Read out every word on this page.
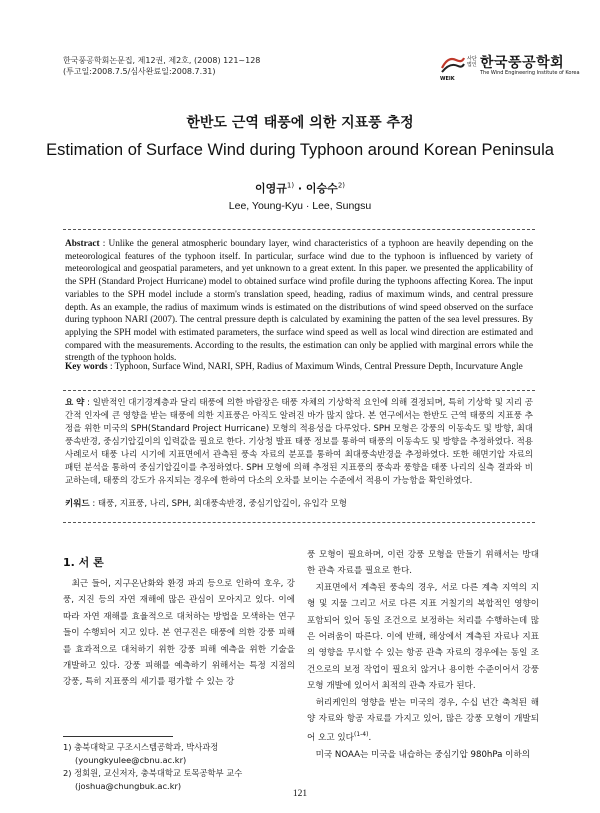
한국풍공학회논문집, 제12권, 제2호, (2008) 121~128
(투고일:2008.7.5/심사완료일:2008.7.31)
사단 법인 한국풍공학회
The Wind Engineering Institute of Korea
WEIK
한반도 근역 태풍에 의한 지표풍 추정
Estimation of Surface Wind during Typhoon around Korean Peninsula
이영규$^{1)}$ · 이승수$^{2)}$
Lee, Young-Kyu · Lee, Sungsu
Abstract : Unlike the general atmospheric boundary layer, wind characteristics of a typhoon are heavily depending on the meteorological features of the typhoon itself. In particular, surface wind due to the typhoon is influenced by variety of meteorological and geospatial parameters, and yet unknown to a great extent. In this paper. we presented the applicability of the SPH (Standard Project Hurricane) model to obtained surface wind profile during the typhoons affecting Korea. The input variables to the SPH model include a storm's translation speed, heading, radius of maximum winds, and central pressure depth. As an example, the radius of maximum winds is estimated on the distributions of wind speed observed on the surface during typhoon NARI (2007). The central pressure depth is calculated by examining the patten of the sea level pressures. By applying the SPH model with estimated parameters, the surface wind speed as well as local wind direction are estimated and compared with the measurements. According to the results, the estimation can only be applied with marginal errors while the strength of the typhoon holds.
Key words : Typhoon, Surface Wind, NARI, SPH, Radius of Maximum Winds, Central Pressure Depth, Incurvature Angle
요 약 : 일반적인 대기경계층과 달리 태풍에 의한 바람장은 태풍 자체의 기상학적 요인에 의해 결정되며, 특히 기상학 및 지리 공간적 인자에 큰 영향을 받는 태풍에 의한 지표풍은 아직도 알려진 바가 많지 않다. 본 연구에서는 한반도 근역 태풍의 지표풍 추정을 위한 미국의 SPH(Standard Project Hurricane) 모형의 적용성을 다루었다. SPH 모형은 강풍의 이동속도 및 방향, 최대풍속반경, 중심기압깊이의 입력값을 필요로 한다. 기상청 발표 태풍 정보를 통하여 태풍의 이동속도 및 방향을 추정하였다. 적용 사례로서 태풍 나리 시기에 지표면에서 관측된 풍속 자료의 분포를 통하여 최대풍속반경을 추정하였다. 또한 해면기압 자료의 패턴 분석을 통하여 중심기압깊이를 추정하였다. SPH 모형에 의해 추정된 지표풍의 풍속과 풍향을 태풍 나리의 실측 결과와 비교하는데, 태풍의 강도가 유지되는 경우에 한하여 다소의 오차를 보이는 수준에서 적용이 가능함을 확인하였다.
키워드 : 태풍, 지표풍, 나리, SPH, 최대풍속반경, 중심기압깊이, 유입각 모형
1. 서 론

최근 들어, 지구온난화와 환경 파괴 등으로 인하여 호우, 강풍, 지진 등의 자연 재해에 많은 관심이 모아지고 있다. 이에 따라 자연 재해를 효율적으로 대처하는 방법을 모색하는 연구들이 수행되어 지고 있다. 본 연구진은 태풍에 의한 강풍 피해를 효과적으로 대처하기 위한 강풍 피해 예측을 위한 기술을 개발하고 있다. 강풍 피해를 예측하기 위해서는 특정 지점의 강풍, 특히 지표풍의 세기를 평가할 수 있는 강

1) 충북대학교 구조시스템공학과, 박사과정
(youngkyulee@cbnu.ac.kr)
2) 정회원, 교신저자, 충북대학교 토목공학부 교수
(joshua@chungbuk.ac.kr)

풍 모형이 필요하며, 이런 강풍 모형을 만들기 위해서는 방대한 관측 자료를 필요로 한다.

지표면에서 계측된 풍속의 경우, 서로 다른 계측 지역의 지형 및 지물 그리고 서로 다른 지표 거칠기의 복합적인 영향이 포함되어 있어 동일 조건으로 보정하는 처리를 수행하는데 많은 어려움이 따른다. 이에 반해, 해상에서 계측된 자료나 지표의 영향을 무시할 수 있는 항공 관측 자료의 경우에는 동일 조건으로의 보정 작업이 필요치 않거나 용이한 수준이어서 강풍 모형 개발에 있어서 최적의 관측 자료가 된다.

허리케인의 영향을 받는 미국의 경우, 수십 년간 축척된 해양 자료와 항공 자료를 가지고 있어, 많은 강풍 모형이 개발되어 오고 있다$^{(1-4)}$.

미국 NOAA는 미국을 내습하는 중심기압 980hPa 이하의

121
